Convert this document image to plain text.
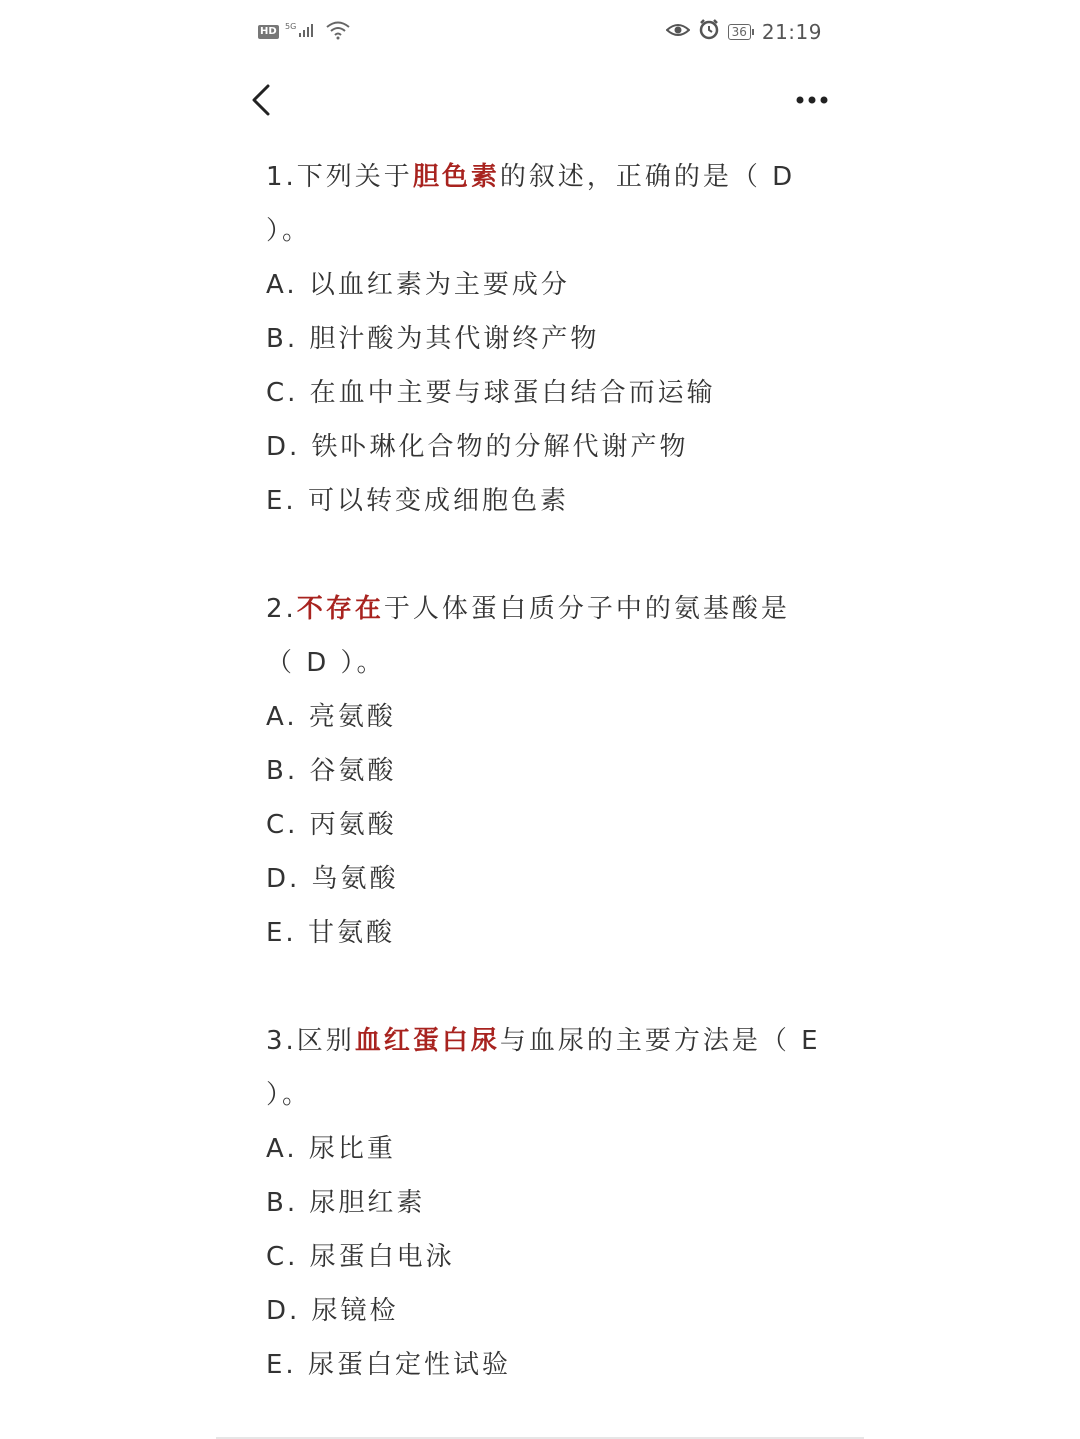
HD 5G	36 21:19

1.下列关于胆色素的叙述，正确的是（ D

）。

A. 以血红素为主要成分

B. 胆汁酸为其代谢终产物

C. 在血中主要与球蛋白结合而运输

D. 铁卟琳化合物的分解代谢产物

E. 可以转变成细胞色素

2.不存在于人体蛋白质分子中的氨基酸是

（ D ）。

A. 亮氨酸

B. 谷氨酸

C. 丙氨酸

D. 鸟氨酸

E. 甘氨酸

3.区别血红蛋白尿与血尿的主要方法是（ E

）。

A. 尿比重

B. 尿胆红素

C. 尿蛋白电泳

D. 尿镜检

E. 尿蛋白定性试验
